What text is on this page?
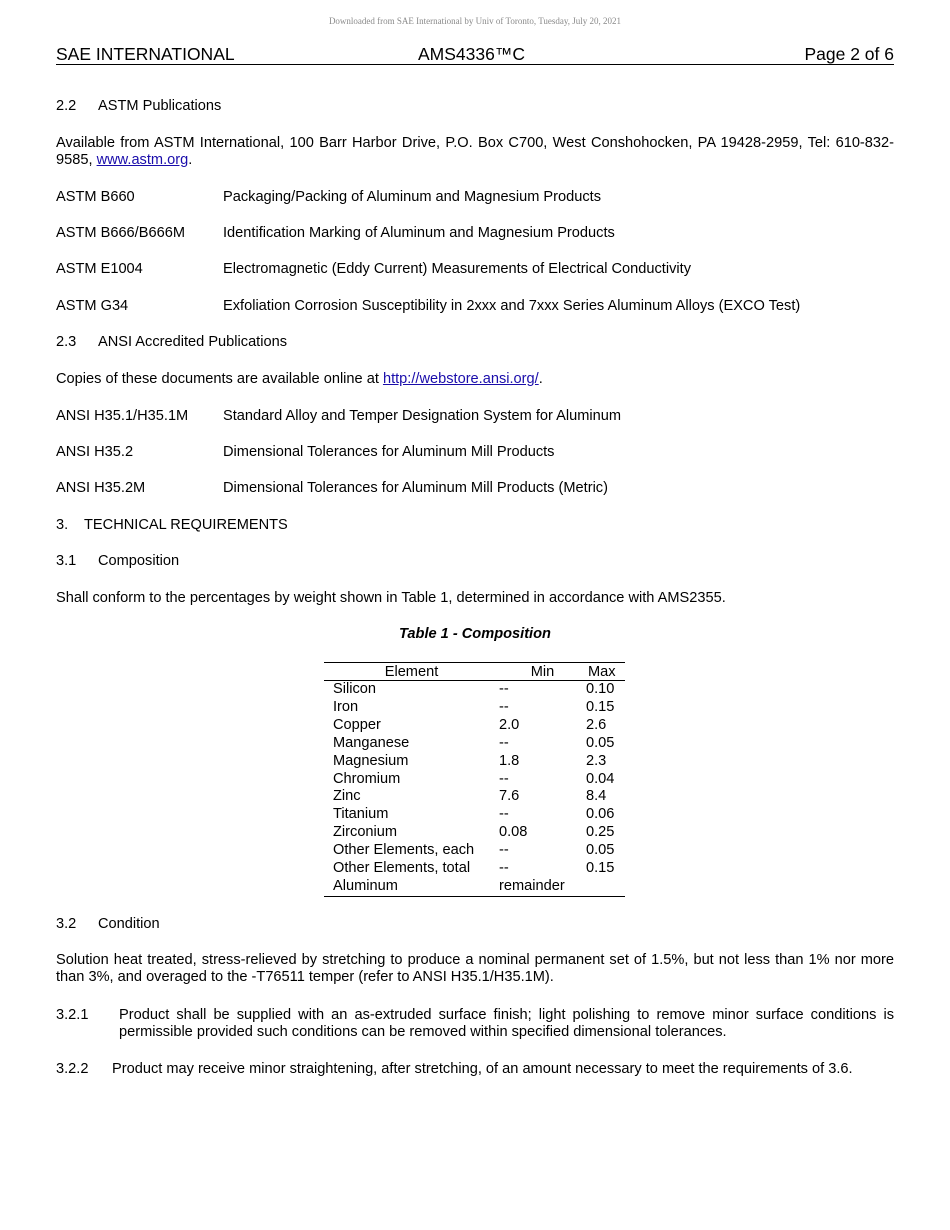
Downloaded from SAE International by Univ of Toronto, Tuesday, July 20, 2021
SAE INTERNATIONAL	AMS4336™C	Page 2 of 6
2.2 ASTM Publications
Available from ASTM International, 100 Barr Harbor Drive, P.O. Box C700, West Conshohocken, PA 19428-2959, Tel: 610-832-9585, www.astm.org.
ASTM B660	Packaging/Packing of Aluminum and Magnesium Products
ASTM B666/B666M	Identification Marking of Aluminum and Magnesium Products
ASTM E1004	Electromagnetic (Eddy Current) Measurements of Electrical Conductivity
ASTM G34	Exfoliation Corrosion Susceptibility in 2xxx and 7xxx Series Aluminum Alloys (EXCO Test)
2.3 ANSI Accredited Publications
Copies of these documents are available online at http://webstore.ansi.org/.
ANSI H35.1/H35.1M Standard Alloy and Temper Designation System for Aluminum
ANSI H35.2	Dimensional Tolerances for Aluminum Mill Products
ANSI H35.2M	Dimensional Tolerances for Aluminum Mill Products (Metric)
3. TECHNICAL REQUIREMENTS
3.1 Composition
Shall conform to the percentages by weight shown in Table 1, determined in accordance with AMS2355.
Table 1 - Composition
Element	Min	Max
Silicon	--	0.10
Iron	--	0.15
Copper	2.0	2.6
Manganese	--	0.05
Magnesium	1.8	2.3
Chromium	--	0.04
Zinc	7.6	8.4
Titanium	--	0.06
Zirconium	0.08	0.25
Other Elements, each	--	0.05
Other Elements, total	--	0.15
Aluminum	remainder	
3.2 Condition
Solution heat treated, stress-relieved by stretching to produce a nominal permanent set of 1.5%, but not less than 1% nor more than 3%, and overaged to the -T76511 temper (refer to ANSI H35.1/H35.1M).
3.2.1 Product shall be supplied with an as-extruded surface finish; light polishing to remove minor surface conditions is permissible provided such conditions can be removed within specified dimensional tolerances.
3.2.2 Product may receive minor straightening, after stretching, of an amount necessary to meet the requirements of 3.6.
